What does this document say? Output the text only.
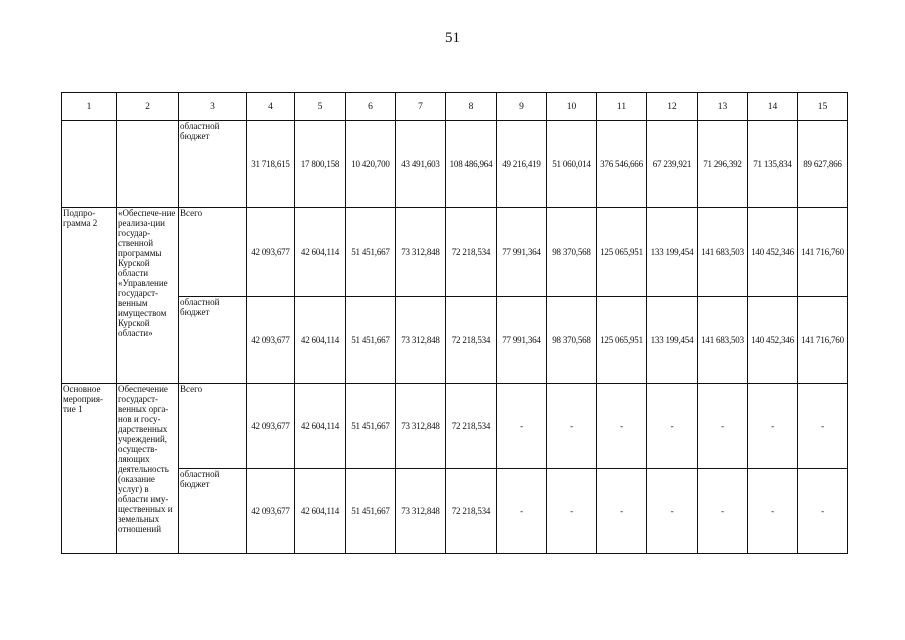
51
1	2	3	4	5	6	7	8	9	10	11	12	13	14	15
		областной бюджет	31 718,615	17 800,158	10 420,700	43 491,603	108 486,964	49 216,419	51 060,014	376 546,666	67 239,921	71 296,392	71 135,834	89 627,866
Подпро-грамма 2	«Обеспече-ние реализа-ции государ-ственной программы Курской области «Управление государст-венным имуществом Курской области»	Всего	42 093,677	42 604,114	51 451,667	73 312,848	72 218,534	77 991,364	98 370,568	125 065,951	133 199,454	141 683,503	140 452,346	141 716,760
		областной бюджет	42 093,677	42 604,114	51 451,667	73 312,848	72 218,534	77 991,364	98 370,568	125 065,951	133 199,454	141 683,503	140 452,346	141 716,760
Основное мероприя-тие 1	Обеспечение государст-венных орга-нов и госу-дарственных учреждений, осуществ-ляющих деятельность (оказание услуг) в области иму-щественных и земельных отношений	Всего	42 093,677	42 604,114	51 451,667	73 312,848	72 218,534	-	-	-	-	-	-	-
		областной бюджет	42 093,677	42 604,114	51 451,667	73 312,848	72 218,534	-	-	-	-	-	-	-
